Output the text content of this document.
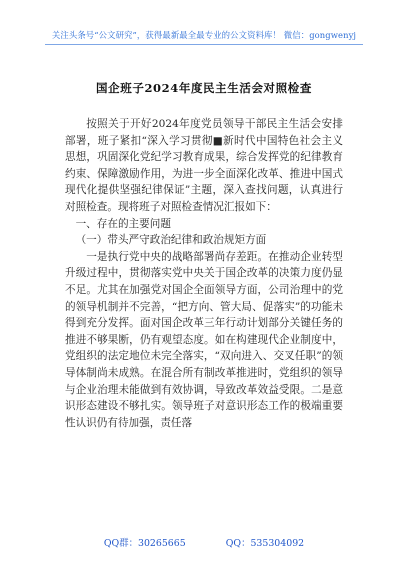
关注头条号“公文研究”，获得最新最全最专业的公文资料库！ 微信：gongwenyj
国企班子2024年度民主生活会对照检查

按照关于开好2024年度党员领导干部民主生活会安排部署，班子紧扣“深入学习贯彻■新时代中国特色社会主义思想，巩固深化党纪学习教育成果，综合发挥党的纪律教育约束、保障激励作用，为进一步全面深化改革、推进中国式现代化提供坚强纪律保证”主题，深入查找问题，认真进行对照检查。现将班子对照检查情况汇报如下：

一、存在的主要问题

（一）带头严守政治纪律和政治规矩方面

一是执行党中央的战略部署尚存差距。在推动企业转型升级过程中，贯彻落实党中央关于国企改革的决策力度仍显不足。尤其在加强党对国企全面领导方面，公司治理中的党的领导机制并不完善，“把方向、管大局、促落实”的功能未得到充分发挥。面对国企改革三年行动计划部分关键任务的推进不够果断，仍有观望态度。如在构建现代企业制度中，党组织的法定地位未完全落实，“双向进入、交叉任职”的领导体制尚未成熟。在混合所有制改革推进时，党组织的领导与企业治理未能做到有效协调，导致改革效益受限。二是意识形态建设不够扎实。领导班子对意识形态工作的极端重要性认识仍有待加强，责任落

QQ群：30265665	QQ：535304092
